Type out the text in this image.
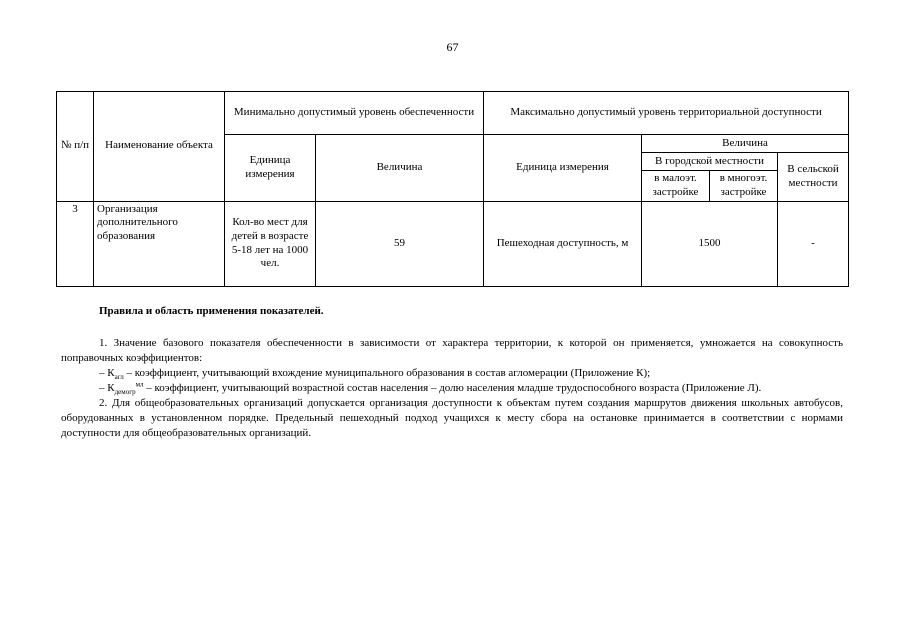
67
№ п/п	Наименование объекта	Минимально допустимый уровень обеспеченности		Максимально допустимый уровень территориальной доступности			
		Единица измерения	Величина	Единица измерения	Величина		
					В городской местности		В сельской местности
					в малоэт. застройке	в многоэт. застройке	
3	Организация дополнительного образования	Кол-во мест для детей в возрасте 5-18 лет на 1000 чел.	59	Пешеходная доступность, м	1500		-
Правила и область применения показателей.

1. Значение базового показателя обеспеченности в зависимости от характера территории, к которой он применяется, умножается на совокупность поправочных коэффициентов:

– $К_{агл}$ – коэффициент, учитывающий вхождение муниципального образования в состав агломерации (Приложение К);

– $К_{демогр}^{мл}$ – коэффициент, учитывающий возрастной состав населения – долю населения младше трудоспособного возраста (Приложение Л).

2. Для общеобразовательных организаций допускается организация доступности к объектам путем создания маршрутов движения школьных автобусов, оборудованных в установленном порядке. Предельный пешеходный подход учащихся к месту сбора на остановке принимается в соответствии с нормами доступности для общеобразовательных организаций.
